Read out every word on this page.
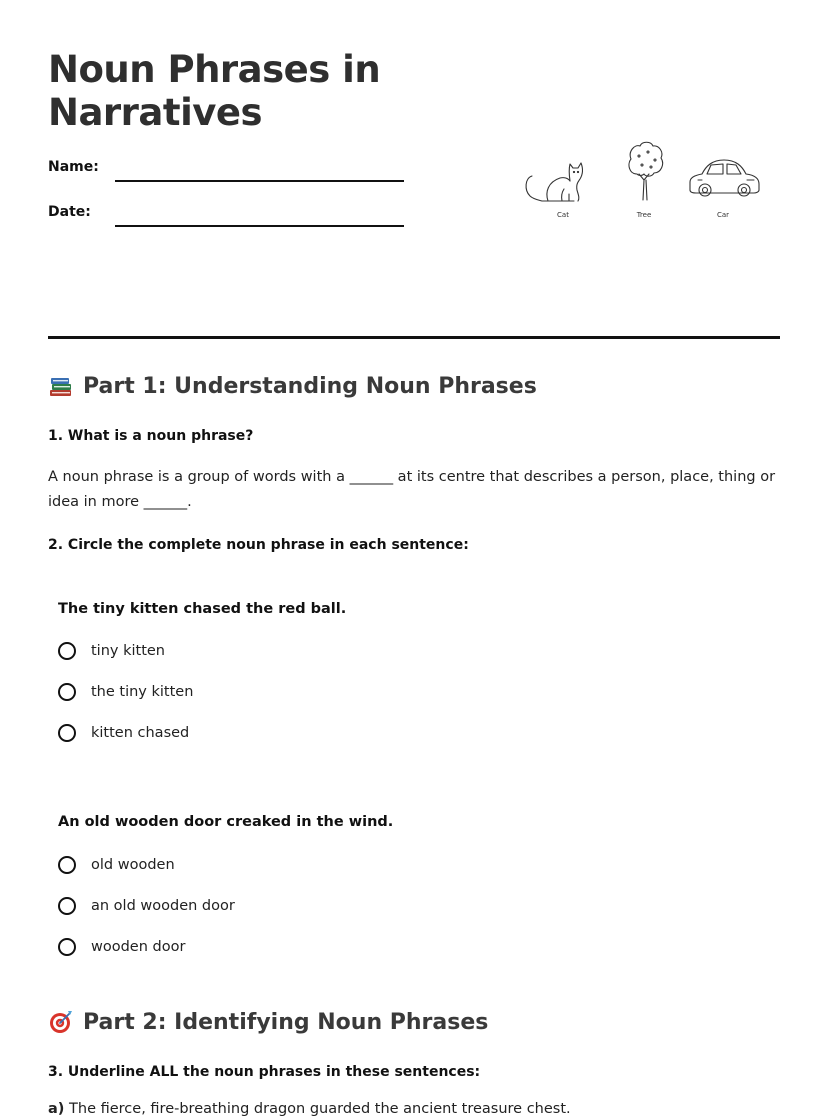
Noun Phrases in Narratives
Name:
Date:	Cat	Tree	Car
Part 1: Understanding Noun Phrases

1. What is a noun phrase?

A noun phrase is a group of words with a ______ at its centre that describes a person, place, thing or idea in more ______.

2. Circle the complete noun phrase in each sentence:

The tiny kitten chased the red ball.

tiny kitten
the tiny kitten
kitten chased

An old wooden door creaked in the wind.

old wooden
an old wooden door
wooden door
Part 2: Identifying Noun Phrases

3. Underline ALL the noun phrases in these sentences:

a) The fierce, fire-breathing dragon guarded the ancient treasure chest.
